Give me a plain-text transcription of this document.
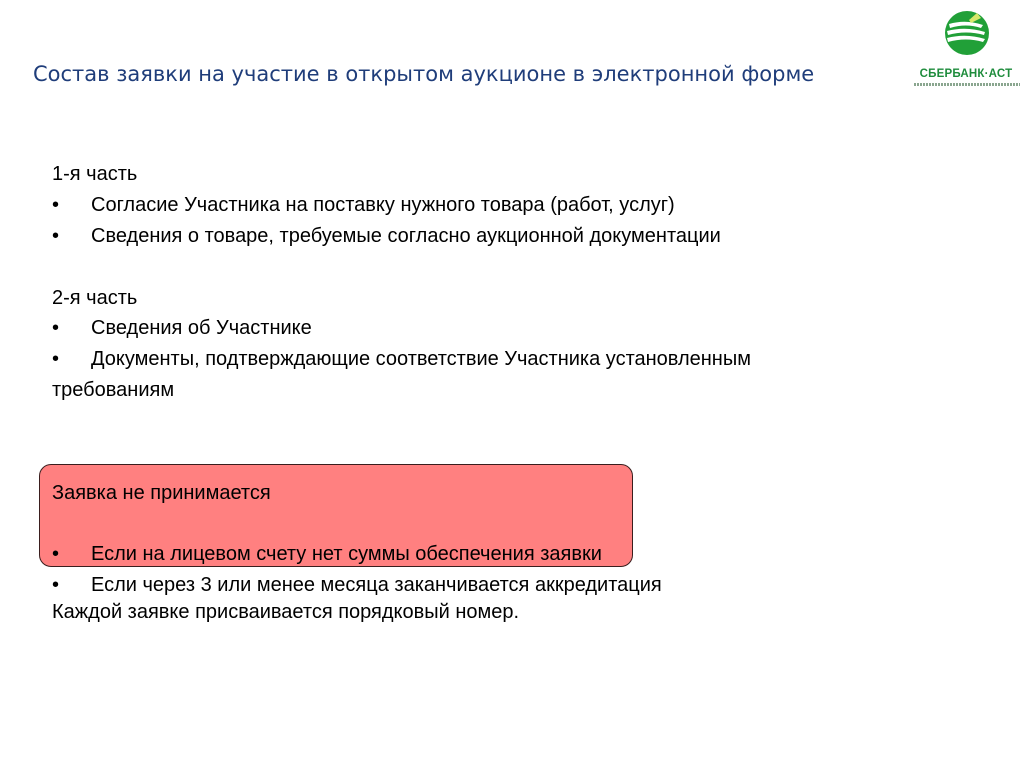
Состав заявки на участие в открытом аукционе в электронной форме	СБЕРБАНК·АСТ
1-я часть
• Согласие Участника на поставку нужного товара (работ, услуг)
• Сведения о товаре, требуемые согласно аукционной документации
2-я часть
• Сведения об Участнике
• Документы, подтверждающие соответствие Участника установленным
требованиям
Заявка не принимается
• Если на лицевом счету нет суммы обеспечения заявки
• Если через 3 или менее месяца заканчивается аккредитация
Каждой заявке присваивается порядковый номер.
